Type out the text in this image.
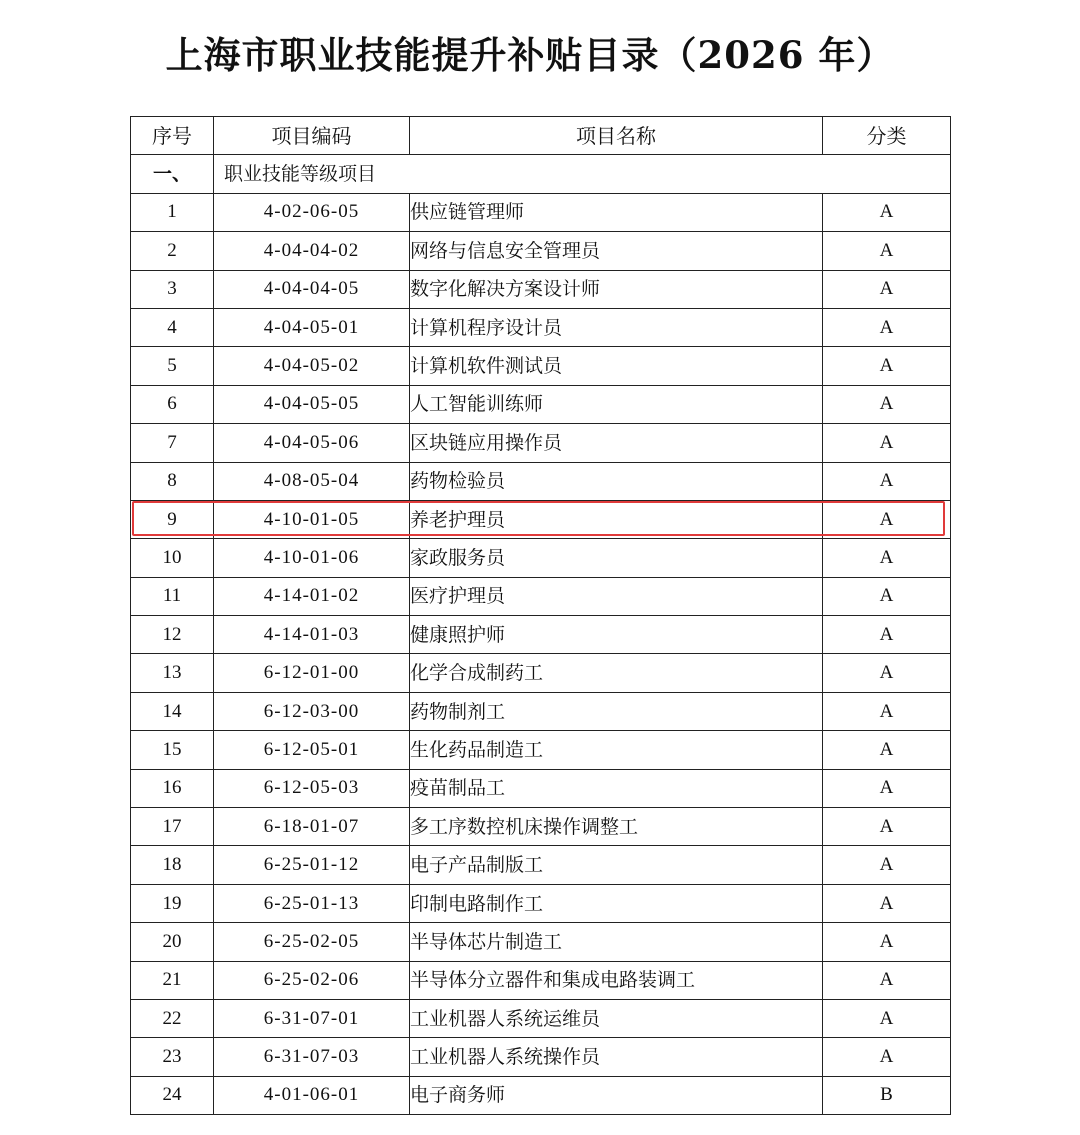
上海市职业技能提升补贴目录（2026 年）
序号	项目编码	项目名称	分类
一、	职业技能等级项目		
1	4-02-06-05	供应链管理师	A
2	4-04-04-02	网络与信息安全管理员	A
3	4-04-04-05	数字化解决方案设计师	A
4	4-04-05-01	计算机程序设计员	A
5	4-04-05-02	计算机软件测试员	A
6	4-04-05-05	人工智能训练师	A
7	4-04-05-06	区块链应用操作员	A
8	4-08-05-04	药物检验员	A
9	4-10-01-05	养老护理员	A
10	4-10-01-06	家政服务员	A
11	4-14-01-02	医疗护理员	A
12	4-14-01-03	健康照护师	A
13	6-12-01-00	化学合成制药工	A
14	6-12-03-00	药物制剂工	A
15	6-12-05-01	生化药品制造工	A
16	6-12-05-03	疫苗制品工	A
17	6-18-01-07	多工序数控机床操作调整工	A
18	6-25-01-12	电子产品制版工	A
19	6-25-01-13	印制电路制作工	A
20	6-25-02-05	半导体芯片制造工	A
21	6-25-02-06	半导体分立器件和集成电路装调工	A
22	6-31-07-01	工业机器人系统运维员	A
23	6-31-07-03	工业机器人系统操作员	A
24	4-01-06-01	电子商务师	B
